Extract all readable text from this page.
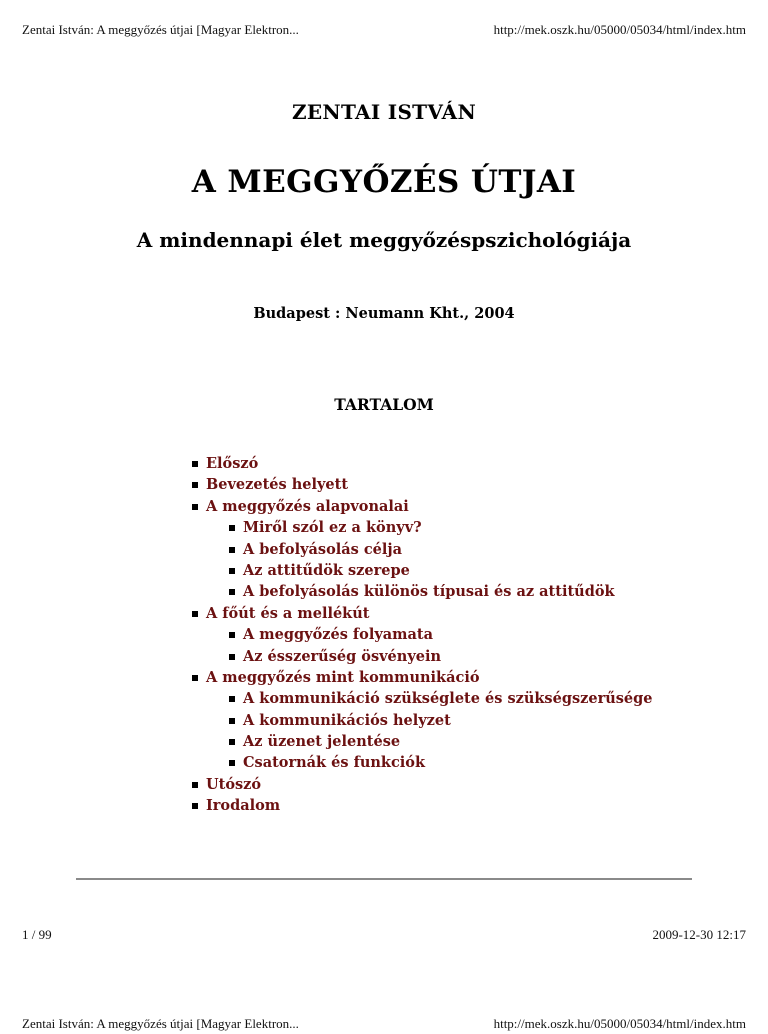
Zentai István: A meggyőzés útjai [Magyar Elektron...	http://mek.oszk.hu/05000/05034/html/index.htm
ZENTAI ISTVÁN
A MEGGYŐZÉS ÚTJAI
A mindennapi élet meggyőzéspszichológiája
Budapest : Neumann Kht., 2004
TARTALOM
Előszó
Bevezetés helyett
A meggyőzés alapvonalai
Miről szól ez a könyv?
A befolyásolás célja
Az attitűdök szerepe
A befolyásolás különös típusai és az attitűdök
A főút és a mellékút
A meggyőzés folyamata
Az ésszerűség ösvényein
A meggyőzés mint kommunikáció
A kommunikáció szükséglete és szükségszerűsége
A kommunikációs helyzet
Az üzenet jelentése
Csatornák és funkciók
Utószó
Irodalom
1 / 99	2009-12-30 12:17
Zentai István: A meggyőzés útjai [Magyar Elektron...	http://mek.oszk.hu/05000/05034/html/index.htm
